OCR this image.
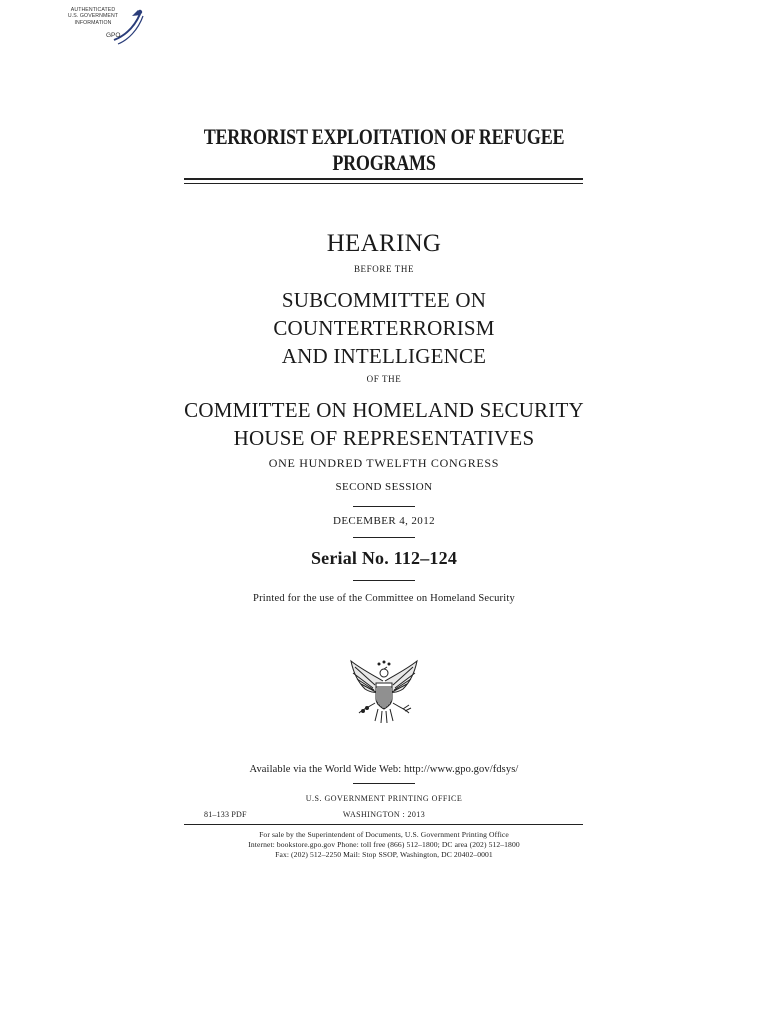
AUTHENTICATED
U.S. GOVERNMENT
INFORMATION
GPO
TERRORIST EXPLOITATION OF REFUGEE
PROGRAMS
HEARING
BEFORE THE
SUBCOMMITTEE ON
COUNTERTERRORISM
AND INTELLIGENCE
OF THE
COMMITTEE ON HOMELAND SECURITY
HOUSE OF REPRESENTATIVES
ONE HUNDRED TWELFTH CONGRESS
SECOND SESSION
DECEMBER 4, 2012
Serial No. 112–124
Printed for the use of the Committee on Homeland Security
Available via the World Wide Web: http://www.gpo.gov/fdsys/
U.S. GOVERNMENT PRINTING OFFICE
81–133 PDF	WASHINGTON : 2013
For sale by the Superintendent of Documents, U.S. Government Printing Office
Internet: bookstore.gpo.gov Phone: toll free (866) 512–1800; DC area (202) 512–1800
Fax: (202) 512–2250 Mail: Stop SSOP, Washington, DC 20402–0001
